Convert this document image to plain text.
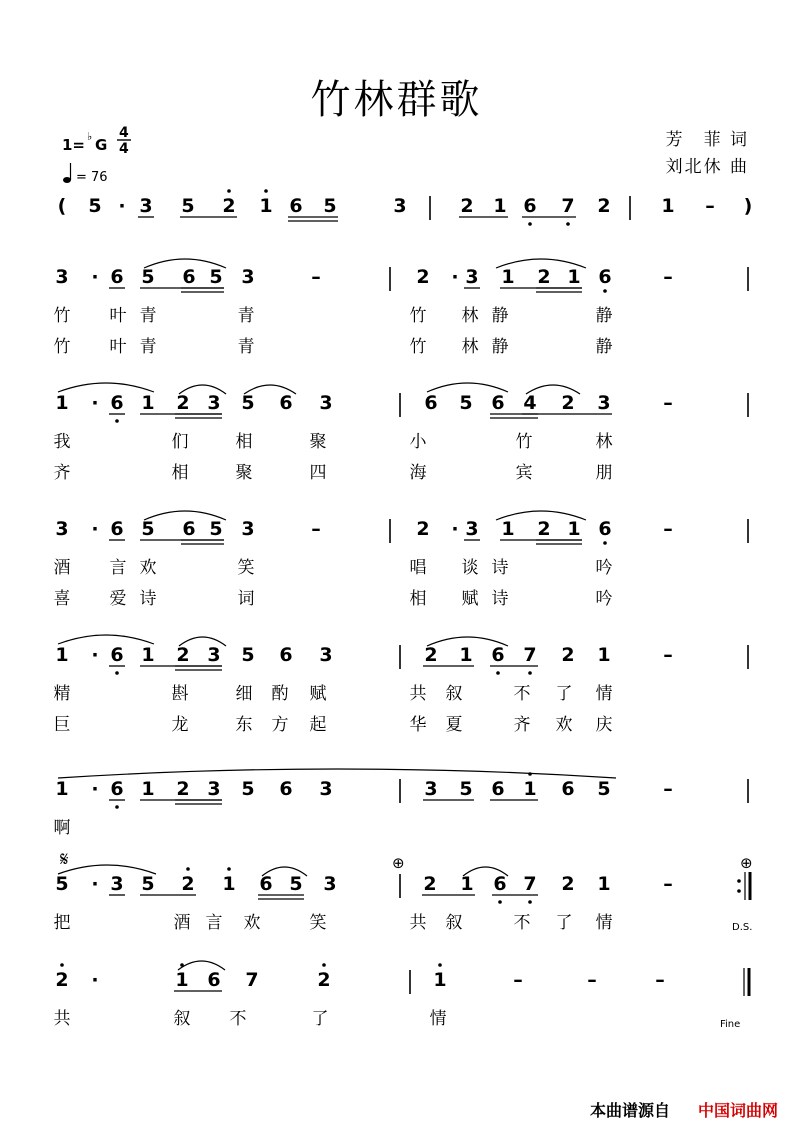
竹林群歌
芳　菲 词
刘北休 曲
本曲谱源自 中国词曲网
1= ♭ G
4
4
= 76
( 5 · 3 5 2 1 6 5	3	2 1 6 7 2	1 – )
3 · 6 5 6 5 3	–	2 · 3 1 2 1 6	–
竹 叶 青	青	竹 林 静	静
竹 叶 青	青	竹 林 静	静
1 · 6 1 2 3 5 6 3	6 5 6 4 2 3	–
我	们	相	聚	小	竹	林
齐	相	聚	四	海	宾	朋
3 · 6 5 6 5 3	–	2 · 3 1 2 1 6	–
酒 言 欢	笑	唱 谈 诗	吟
喜 爱 诗	词	相 赋 诗	吟
1 · 6 1 2 3 5 6 3	2 1 6 7 2 1	–
精	斟	细 酌 赋	共 叙	不 了 情
巨	龙	东 方 起	华 夏	齐 欢 庆
1 · 6 1 2 3 5 6 3	3 5 6 1 6 5	–
啊
5 · 3 5 2 1 6 5 3	2 1 6 7 2 1	–
把	酒 言 欢	笑	共 叙	不 了 情
2 ·	1 6 7	2	1	–	–	–
共	叙 不	了	情
𝄋	⊕	⊕
D.S.
Fine
